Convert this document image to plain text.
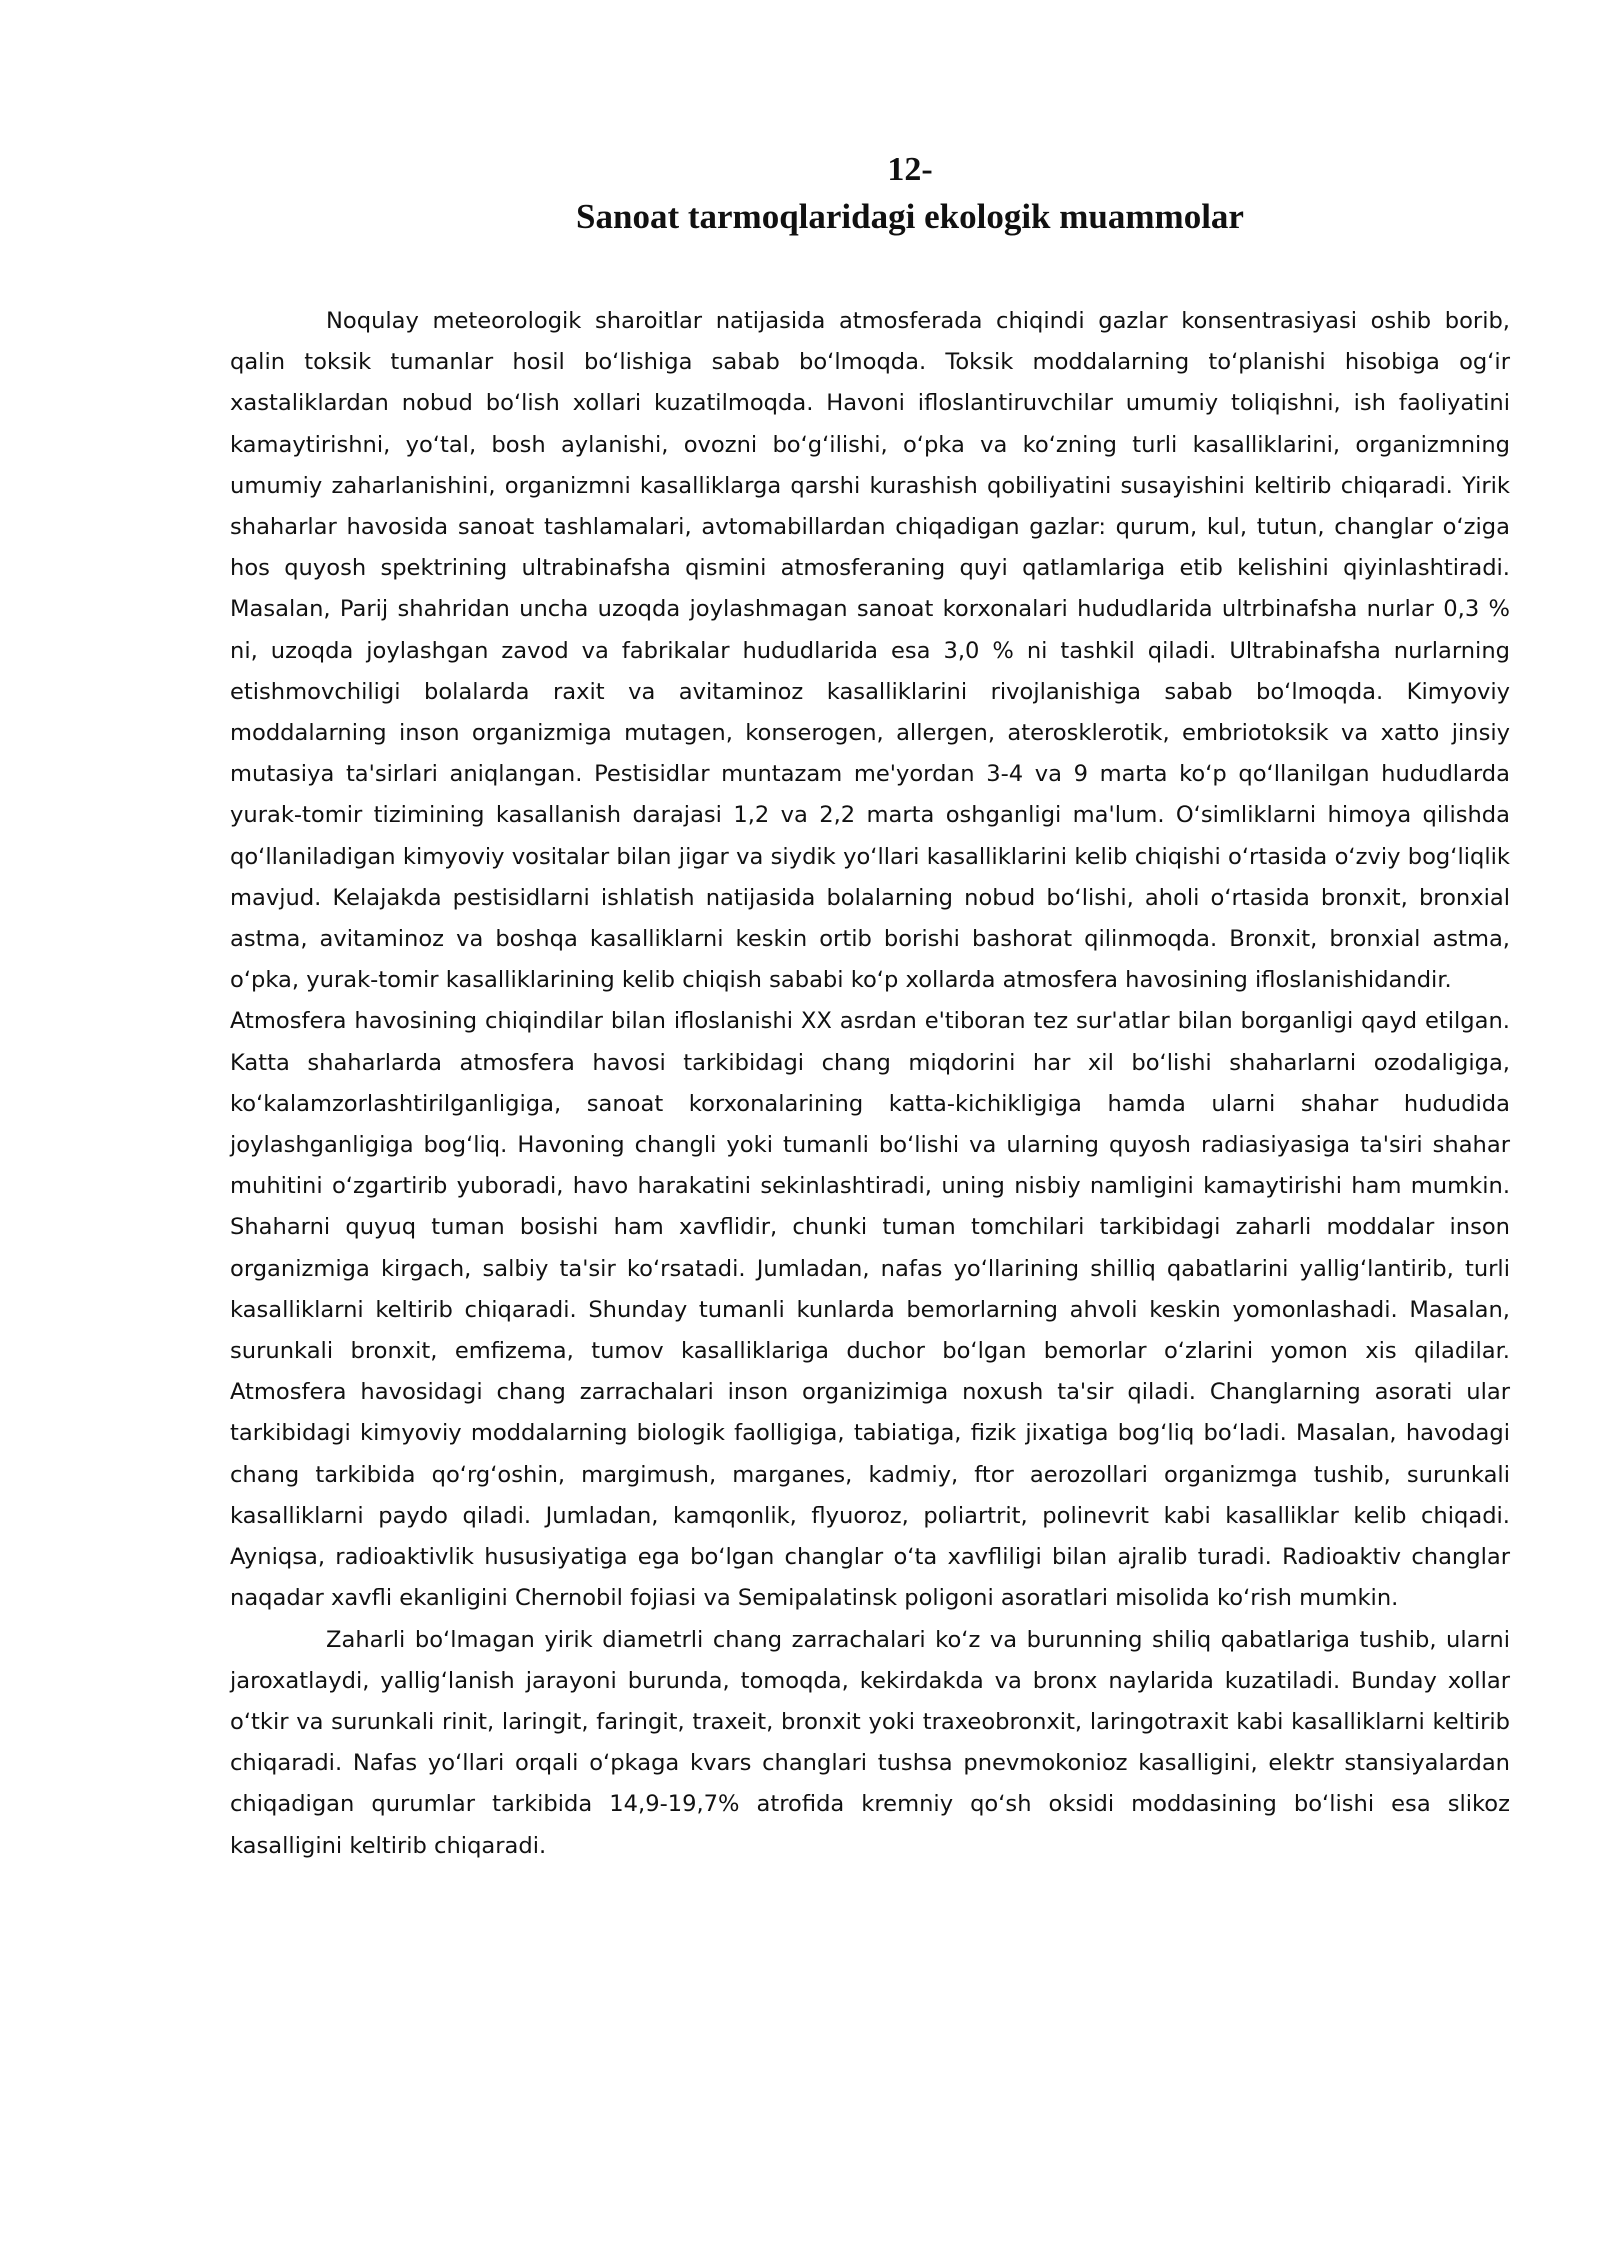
12-
Sanoat tarmoqlaridagi ekologik muammolar

Noqulay meteorologik sharoitlar natijasida atmosferada chiqindi gazlar konsentrasiyasi oshib borib, qalin toksik tumanlar hosil boʻlishiga sabab boʻlmoqda. Toksik moddalarning toʻplanishi hisobiga ogʻir xastaliklardan nobud boʻlish xollari kuzatilmoqda. Havoni ifloslantiruvchilar umumiy toliqishni, ish faoliyatini kamaytirishni, yoʻtal, bosh aylanishi, ovozni boʻgʻilishi, oʻpka va koʻzning turli kasalliklarini, organizmning umumiy zaharlanishini, organizmni kasalliklarga qarshi kurashish qobiliyatini susayishini keltirib chiqaradi. Yirik shaharlar havosida sanoat tashlamalari, avtomabillardan chiqadigan gazlar: qurum, kul, tutun, changlar oʻziga hos quyosh spektrining ultrabinafsha qismini atmosferaning quyi qatlamlariga etib kelishini qiyinlashtiradi. Masalan, Parij shahridan uncha uzoqda joylashmagan sanoat korxonalari hududlarida ultrbinafsha nurlar 0,3 % ni, uzoqda joylashgan zavod va fabrikalar hududlarida esa 3,0 % ni tashkil qiladi. Ultrabinafsha nurlarning etishmovchiligi bolalarda raxit va avitaminoz kasalliklarini rivojlanishiga sabab boʻlmoqda. Kimyoviy moddalarning inson organizmiga mutagen, konserogen, allergen, aterosklerotik, embriotoksik va xatto jinsiy mutasiya ta'sirlari aniqlangan. Pestisidlar muntazam me'yordan 3-4 va 9 marta koʻp qoʻllanilgan hududlarda yurak-tomir tizimining kasallanish darajasi 1,2 va 2,2 marta oshganligi ma'lum. Oʻsimliklarni himoya qilishda qoʻllaniladigan kimyoviy vositalar bilan jigar va siydik yoʻllari kasalliklarini kelib chiqishi oʻrtasida oʻzviy bogʻliqlik mavjud. Kelajakda pestisidlarni ishlatish natijasida bolalarning nobud boʻlishi, aholi oʻrtasida bronxit, bronxial astma, avitaminoz va boshqa kasalliklarni keskin ortib borishi bashorat qilinmoqda. Bronxit, bronxial astma, oʻpka, yurak-tomir kasalliklarining kelib chiqish sababi koʻp xollarda atmosfera havosining ifloslanishidandir.

Atmosfera havosining chiqindilar bilan ifloslanishi XX asrdan e'tiboran tez sur'atlar bilan borganligi qayd etilgan. Katta shaharlarda atmosfera havosi tarkibidagi chang miqdorini har xil boʻlishi shaharlarni ozodaligiga, koʻkalamzorlashtirilganligiga, sanoat korxonalarining katta-kichikligiga hamda ularni shahar hududida joylashganligiga bogʻliq. Havoning changli yoki tumanli boʻlishi va ularning quyosh radiasiyasiga ta'siri shahar muhitini oʻzgartirib yuboradi, havo harakatini sekinlashtiradi, uning nisbiy namligini kamaytirishi ham mumkin. Shaharni quyuq tuman bosishi ham xavflidir, chunki tuman tomchilari tarkibidagi zaharli moddalar inson organizmiga kirgach, salbiy ta'sir koʻrsatadi. Jumladan, nafas yoʻllarining shilliq qabatlarini yalligʻlantirib, turli kasalliklarni keltirib chiqaradi. Shunday tumanli kunlarda bemorlarning ahvoli keskin yomonlashadi. Masalan, surunkali bronxit, emfizema, tumov kasalliklariga duchor boʻlgan bemorlar oʻzlarini yomon xis qiladilar. Atmosfera havosidagi chang zarrachalari inson organizimiga noxush ta'sir qiladi. Changlarning asorati ular tarkibidagi kimyoviy moddalarning biologik faolligiga, tabiatiga, fizik jixatiga bogʻliq boʻladi. Masalan, havodagi chang tarkibida qoʻrgʻoshin, margimush, marganes, kadmiy, ftor aerozollari organizmga tushib, surunkali kasalliklarni paydo qiladi. Jumladan, kamqonlik, flyuoroz, poliartrit, polinevrit kabi kasalliklar kelib chiqadi. Ayniqsa, radioaktivlik hususiyatiga ega boʻlgan changlar oʻta xavfliligi bilan ajralib turadi. Radioaktiv changlar naqadar xavfli ekanligini Chernobil fojiasi va Semipalatinsk poligoni asoratlari misolida koʻrish mumkin.

Zaharli boʻlmagan yirik diametrli chang zarrachalari koʻz va burunning shiliq qabatlariga tushib, ularni jaroxatlaydi, yalligʻlanish jarayoni burunda, tomoqda, kekirdakda va bronx naylarida kuzatiladi. Bunday xollar oʻtkir va surunkali rinit, laringit, faringit, traxeit, bronxit yoki traxeobronxit, laringotraxit kabi kasalliklarni keltirib chiqaradi. Nafas yoʻllari orqali oʻpkaga kvars changlari tushsa pnevmokonioz kasalligini, elektr stansiyalardan chiqadigan qurumlar tarkibida 14,9-19,7% atrofida kremniy qoʻsh oksidi moddasining boʻlishi esa slikoz kasalligini keltirib chiqaradi.
